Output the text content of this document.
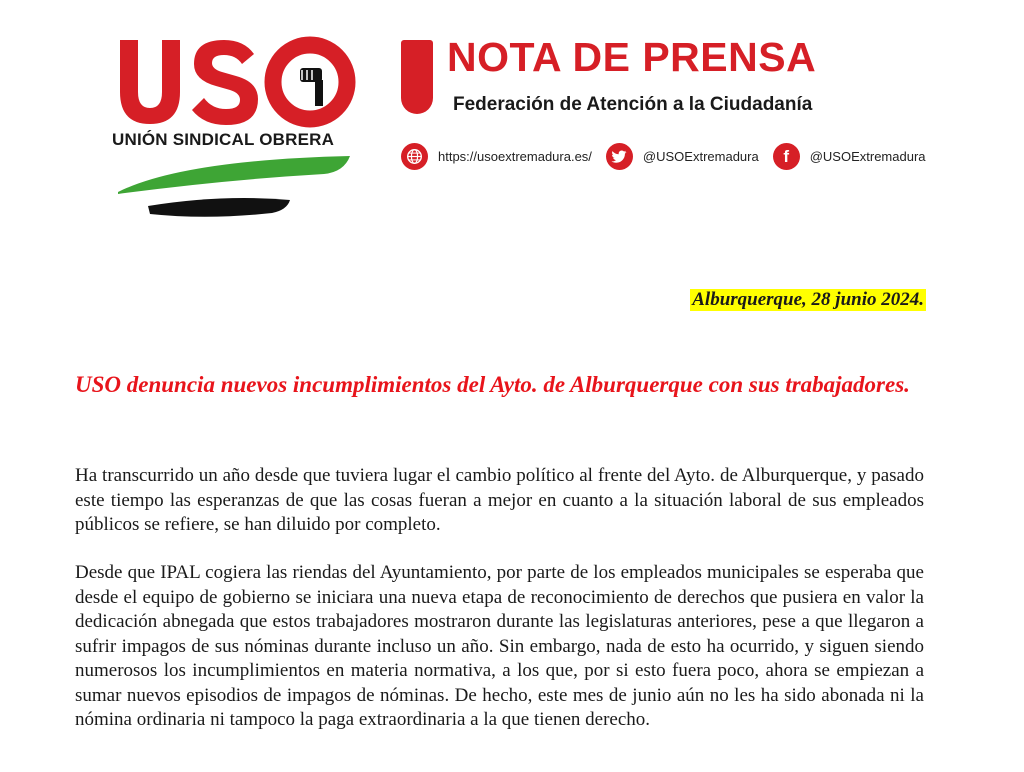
UNIÓN SINDICAL OBRERA
NOTA DE PRENSA
Federación de Atención a la Ciudadanía
https://usoextremadura.es/	@USOExtremadura	f	@USOExtremadura
Alburquerque, 28 junio 2024.
USO denuncia nuevos incumplimientos del Ayto. de Alburquerque con sus trabajadores.

Ha transcurrido un año desde que tuviera lugar el cambio político al frente del Ayto. de Alburquerque, y pasado este tiempo las esperanzas de que las cosas fueran a mejor en cuanto a la situación laboral de sus empleados públicos se refiere, se han diluido por completo.

Desde que IPAL cogiera las riendas del Ayuntamiento, por parte de los empleados municipales se esperaba que desde el equipo de gobierno se iniciara una nueva etapa de reconocimiento de derechos que pusiera en valor la dedicación abnegada que estos trabajadores mostraron durante las legislaturas anteriores, pese a que llegaron a sufrir impagos de sus nóminas durante incluso un año. Sin embargo, nada de esto ha ocurrido, y siguen siendo numerosos los incumplimientos en materia normativa, a los que, por si esto fuera poco, ahora se empiezan a sumar nuevos episodios de impagos de nóminas. De hecho, este mes de junio aún no les ha sido abonada ni la nómina ordinaria ni tampoco la paga extraordinaria a la que tienen derecho.
